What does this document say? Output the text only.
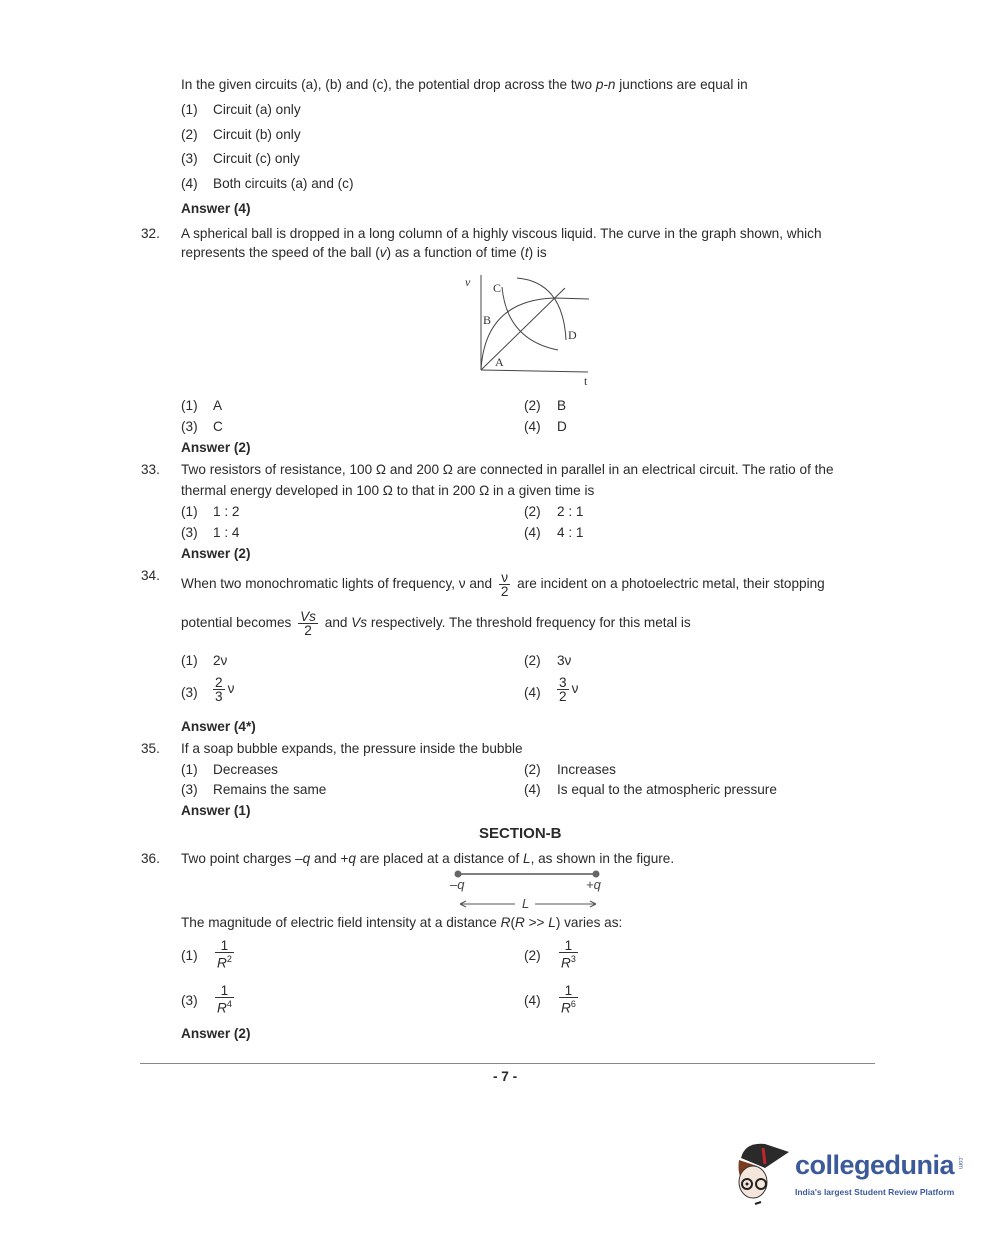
In the given circuits (a), (b) and (c), the potential drop across the two p-n junctions are equal in
(1) Circuit (a) only
(2) Circuit (b) only
(3) Circuit (c) only
(4) Both circuits (a) and (c)
Answer (4)
32. A spherical ball is dropped in a long column of a highly viscous liquid. The curve in the graph shown, which
represents the speed of the ball (v) as a function of time (t) is
v
t
A
B
C
D
(1) A	(2) B
(3) C	(4) D
Answer (2)
33. Two resistors of resistance, 100 Ω and 200 Ω are connected in parallel in an electrical circuit. The ratio of the
thermal energy developed in 100 Ω to that in 200 Ω in a given time is
(1) 1 : 2	(2) 2 : 1
(3) 1 : 4	(4) 4 : 1
Answer (2)
34.
When two monochromatic lights of frequency, ν and $\frac{\nu}{2}$ are incident on a photoelectric metal, their stopping
potential becomes $\frac{Vs}{2}$ and Vs respectively. The threshold frequency for this metal is
(1) 2ν	(2) 3ν
$(3) \frac{2}{3}$ ν	$(4) \frac{3}{2}$ ν
Answer (4*)
35. If a soap bubble expands, the pressure inside the bubble
(1) Decreases	(2) Increases
(3) Remains the same	(4) Is equal to the atmospheric pressure
Answer (1)
SECTION-B
36. Two point charges –q and +q are placed at a distance of L, as shown in the figure.
–q	+q
L
The magnitude of electric field intensity at a distance R(R >> L) varies as:
$(1) \frac{1}{R^2}$	$(2) \frac{1}{R^3}$
$(3) \frac{1}{R^4}$	$(4) \frac{1}{R^6}$
Answer (2)
- 7 -
collegedunia .com
India's largest Student Review Platform
